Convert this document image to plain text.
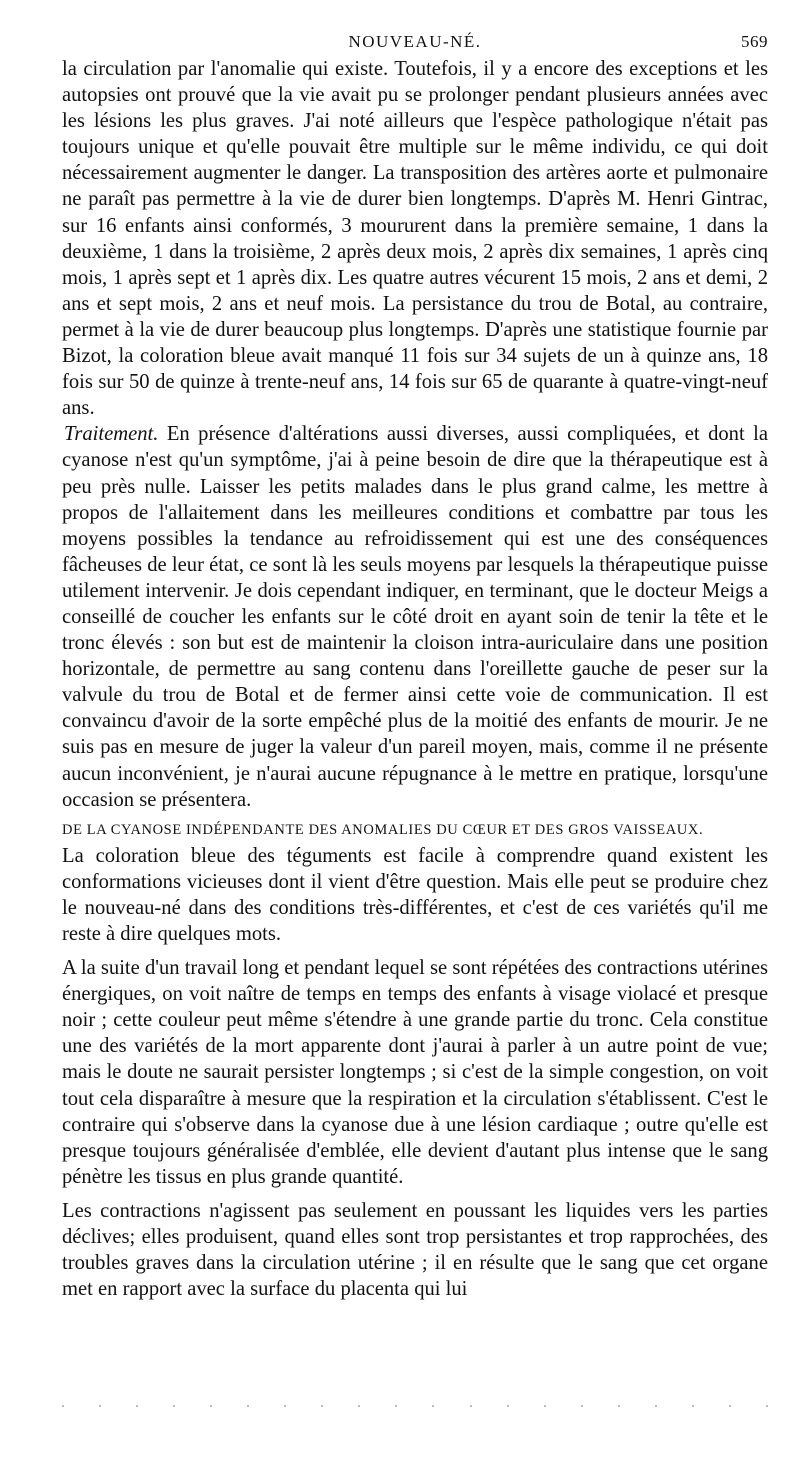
NOUVEAU-NÉ.	569

la circulation par l'anomalie qui existe. Toutefois, il y a encore des exceptions et les autopsies ont prouvé que la vie avait pu se prolonger pendant plusieurs années avec les lésions les plus graves. J'ai noté ailleurs que l'espèce pathologique n'était pas toujours unique et qu'elle pouvait être multiple sur le même individu, ce qui doit nécessairement augmenter le danger. La transposition des artères aorte et pulmonaire ne paraît pas permettre à la vie de durer bien longtemps. D'après M. Henri Gintrac, sur 16 enfants ainsi conformés, 3 moururent dans la première semaine, 1 dans la deuxième, 1 dans la troisième, 2 après deux mois, 2 après dix semaines, 1 après cinq mois, 1 après sept et 1 après dix. Les quatre autres vécurent 15 mois, 2 ans et demi, 2 ans et sept mois, 2 ans et neuf mois. La persistance du trou de Botal, au contraire, permet à la vie de durer beaucoup plus longtemps. D'après une statistique fournie par Bizot, la coloration bleue avait manqué 11 fois sur 34 sujets de un à quinze ans, 18 fois sur 50 de quinze à trente-neuf ans, 14 fois sur 65 de quarante à quatre-vingt-neuf ans.

Traitement. En présence d'altérations aussi diverses, aussi compliquées, et dont la cyanose n'est qu'un symptôme, j'ai à peine besoin de dire que la thérapeutique est à peu près nulle. Laisser les petits malades dans le plus grand calme, les mettre à propos de l'allaitement dans les meilleures conditions et combattre par tous les moyens possibles la tendance au refroidissement qui est une des conséquences fâcheuses de leur état, ce sont là les seuls moyens par lesquels la thérapeutique puisse utilement intervenir. Je dois cependant indiquer, en terminant, que le docteur Meigs a conseillé de coucher les enfants sur le côté droit en ayant soin de tenir la tête et le tronc élevés : son but est de maintenir la cloison intra-auriculaire dans une position horizontale, de permettre au sang contenu dans l'oreillette gauche de peser sur la valvule du trou de Botal et de fermer ainsi cette voie de communication. Il est convaincu d'avoir de la sorte empêché plus de la moitié des enfants de mourir. Je ne suis pas en mesure de juger la valeur d'un pareil moyen, mais, comme il ne présente aucun inconvénient, je n'aurai aucune répugnance à le mettre en pratique, lorsqu'une occasion se présentera.

DE LA CYANOSE INDÉPENDANTE DES ANOMALIES DU CŒUR ET DES GROS VAISSEAUX.

La coloration bleue des téguments est facile à comprendre quand existent les conformations vicieuses dont il vient d'être question. Mais elle peut se produire chez le nouveau-né dans des conditions très-différentes, et c'est de ces variétés qu'il me reste à dire quelques mots.

A la suite d'un travail long et pendant lequel se sont répétées des contractions utérines énergiques, on voit naître de temps en temps des enfants à visage violacé et presque noir ; cette couleur peut même s'étendre à une grande partie du tronc. Cela constitue une des variétés de la mort apparente dont j'aurai à parler à un autre point de vue; mais le doute ne saurait persister longtemps ; si c'est de la simple congestion, on voit tout cela disparaître à mesure que la respiration et la circulation s'établissent. C'est le contraire qui s'observe dans la cyanose due à une lésion cardiaque ; outre qu'elle est presque toujours généralisée d'emblée, elle devient d'autant plus intense que le sang pénètre les tissus en plus grande quantité.

Les contractions n'agissent pas seulement en poussant les liquides vers les parties déclives; elles produisent, quand elles sont trop persistantes et trop rapprochées, des troubles graves dans la circulation utérine ; il en résulte que le sang que cet organe met en rapport avec la surface du placenta qui lui
